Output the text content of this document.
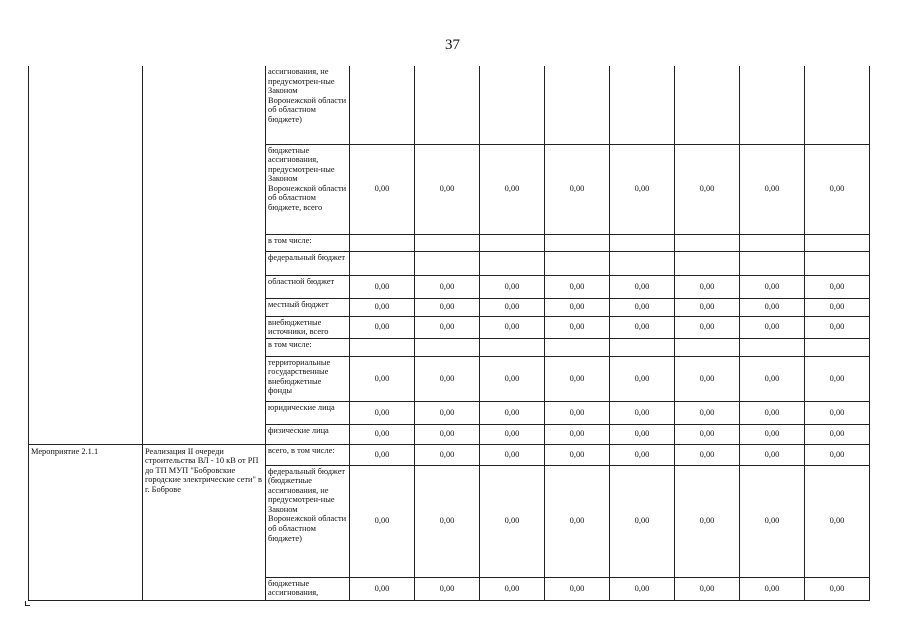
37
		ассигнования, не предусмотрен-ные Законом Воронежской области об областном бюджете)								
		бюджетные ассигнования, предусмотрен-ные Законом Воронежской области об областном бюджете, всего	0,00	0,00	0,00	0,00	0,00	0,00	0,00	0,00
		в том числе:								
		федеральный бюджет								
		областной бюджет	0,00	0,00	0,00	0,00	0,00	0,00	0,00	0,00
		местный бюджет	0,00	0,00	0,00	0,00	0,00	0,00	0,00	0,00
		внебюджетные источники, всего	0,00	0,00	0,00	0,00	0,00	0,00	0,00	0,00
		в том числе:								
		территориальные государственные внебюджетные фонды	0,00	0,00	0,00	0,00	0,00	0,00	0,00	0,00
		юридические лица	0,00	0,00	0,00	0,00	0,00	0,00	0,00	0,00
		физические лица	0,00	0,00	0,00	0,00	0,00	0,00	0,00	0,00
Мероприятие 2.1.1	Реализация II очереди строительства ВЛ - 10 кВ от РП до ТП МУП "Бобровские городские электрические сети" в г. Боброве	всего, в том числе:	0,00	0,00	0,00	0,00	0,00	0,00	0,00	0,00
		федеральный бюджет (бюджетные ассигнования, не предусмотрен-ные Законом Воронежской области об областном бюджете)	0,00	0,00	0,00	0,00	0,00	0,00	0,00	0,00
		бюджетные ассигнования,	0,00	0,00	0,00	0,00	0,00	0,00	0,00	0,00
